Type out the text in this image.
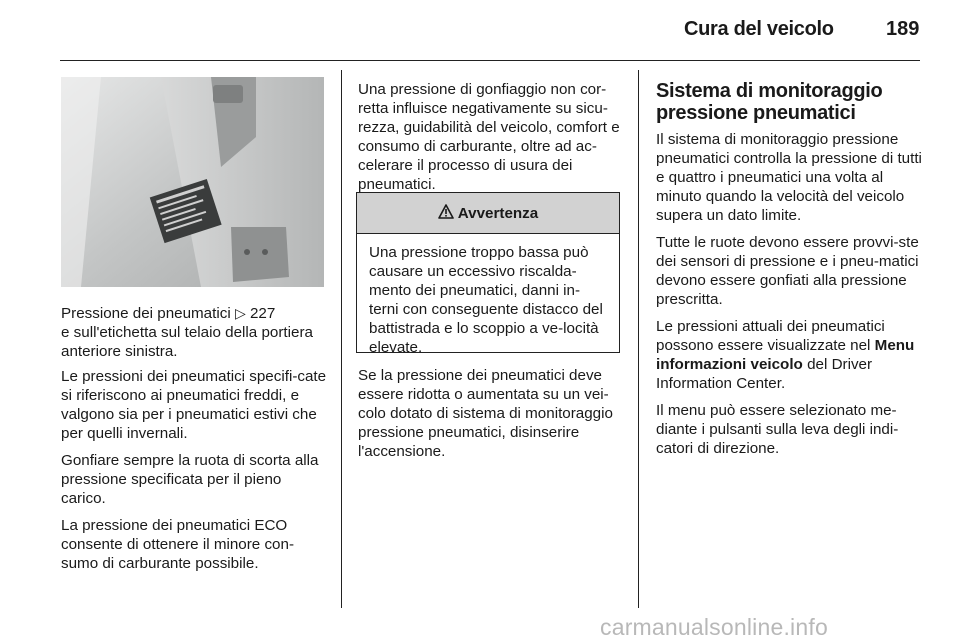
Cura del veicolo	189

Pressione dei pneumatici ▷ 227
e sull'etichetta sul telaio della portiera anteriore sinistra.

Le pressioni dei pneumatici specifi-cate si riferiscono ai pneumatici freddi, e valgono sia per i pneumatici estivi che per quelli invernali.

Gonfiare sempre la ruota di scorta alla pressione specificata per il pieno carico.

La pressione dei pneumatici ECO consente di ottenere il minore con-sumo di carburante possibile.

Una pressione di gonfiaggio non cor-retta influisce negativamente su sicu-rezza, guidabilità del veicolo, comfort e consumo di carburante, oltre ad ac-celerare il processo di usura dei pneumatici.

Avvertenza
Una pressione troppo bassa può causare un eccessivo riscalda-mento dei pneumatici, danni in-terni con conseguente distacco del battistrada e lo scoppio a ve-locità elevate.

Se la pressione dei pneumatici deve essere ridotta o aumentata su un vei-colo dotato di sistema di monitoraggio pressione pneumatici, disinserire l'accensione.

Sistema di monitoraggio pressione pneumatici

Il sistema di monitoraggio pressione pneumatici controlla la pressione di tutti e quattro i pneumatici una volta al minuto quando la velocità del veicolo supera un dato limite.

Tutte le ruote devono essere provvi-ste dei sensori di pressione e i pneu-matici devono essere gonfiati alla pressione prescritta.

Le pressioni attuali dei pneumatici possono essere visualizzate nel Menu informazioni veicolo del Driver Information Center.

Il menu può essere selezionato me-diante i pulsanti sulla leva degli indi-catori di direzione.

carmanualsonline.info
